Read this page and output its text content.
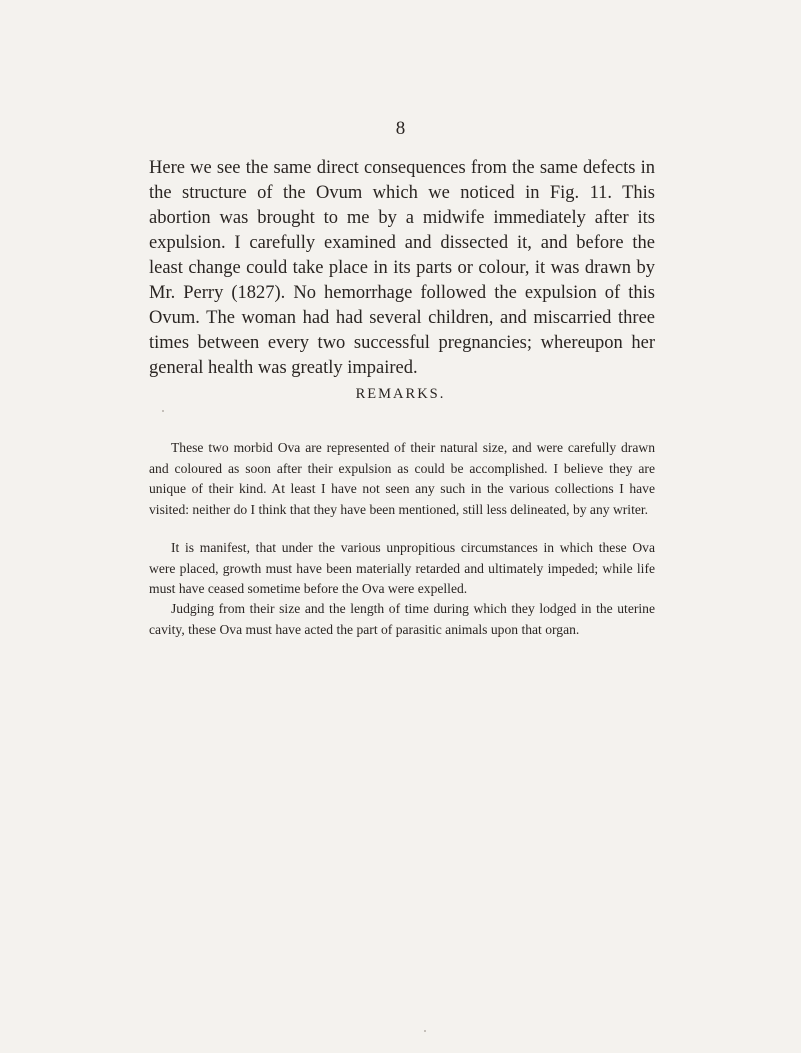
8

Here we see the same direct consequences from the same defects in the structure of the Ovum which we noticed in Fig. 11. This abortion was brought to me by a midwife immediately after its expulsion. I carefully examined and dissected it, and before the least change could take place in its parts or colour, it was drawn by Mr. Perry (1827). No hemorrhage followed the expulsion of this Ovum. The woman had had several children, and miscarried three times between every two successful pregnancies; whereupon her general health was greatly impaired.

REMARKS.

These two morbid Ova are represented of their natural size, and were carefully drawn and coloured as soon after their expulsion as could be accomplished. I believe they are unique of their kind. At least I have not seen any such in the various collections I have visited: neither do I think that they have been mentioned, still less delineated, by any writer.

It is manifest, that under the various unpropitious circumstances in which these Ova were placed, growth must have been materially retarded and ultimately impeded; while life must have ceased sometime before the Ova were expelled.

Judging from their size and the length of time during which they lodged in the uterine cavity, these Ova must have acted the part of parasitic animals upon that organ.
